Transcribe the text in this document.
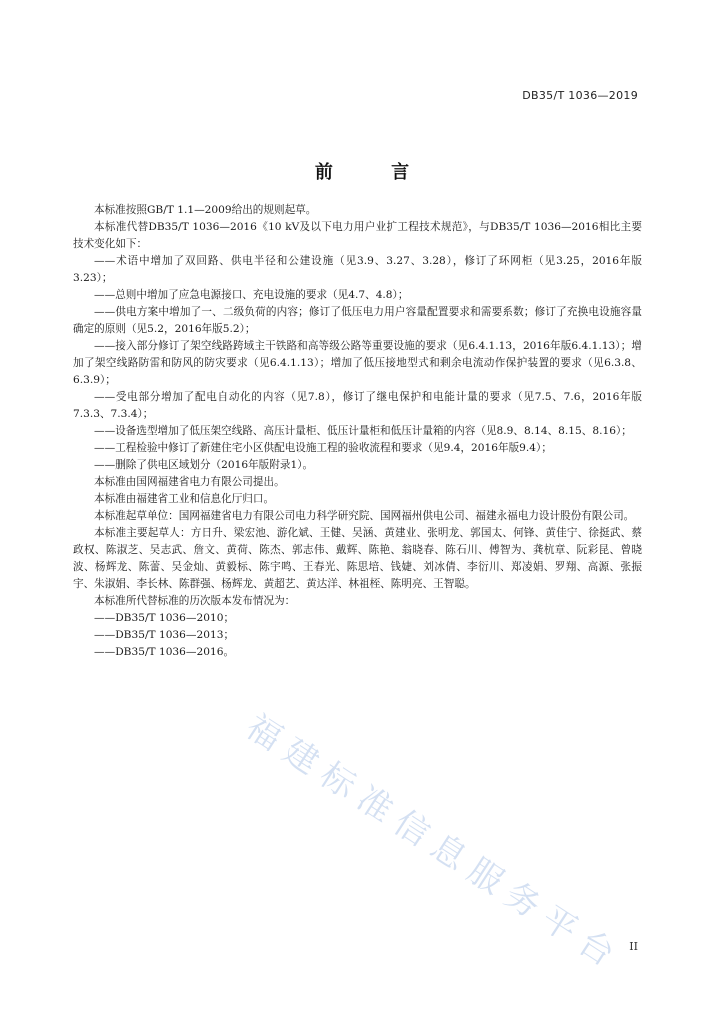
DB35/T 1036—2019
前 言

本标准按照GB/T 1.1—2009给出的规则起草。

本标准代替DB35/T 1036—2016《10 kV及以下电力用户业扩工程技术规范》，与DB35/T 1036—2016相比主要技术变化如下：

——术语中增加了双回路、供电半径和公建设施（见3.9、3.27、3.28），修订了环网柜（见3.25，2016年版3.23）；

——总则中增加了应急电源接口、充电设施的要求（见4.7、4.8）；

——供电方案中增加了一、二级负荷的内容；修订了低压电力用户容量配置要求和需要系数；修订了充换电设施容量确定的原则（见5.2，2016年版5.2）；

——接入部分修订了架空线路跨域主干铁路和高等级公路等重要设施的要求（见6.4.1.13，2016年版6.4.1.13）；增加了架空线路防雷和防风的防灾要求（见6.4.1.13）；增加了低压接地型式和剩余电流动作保护装置的要求（见6.3.8、6.3.9）；

——受电部分增加了配电自动化的内容（见7.8），修订了继电保护和电能计量的要求（见7.5、7.6，2016年版7.3.3、7.3.4）；

——设备选型增加了低压架空线路、高压计量柜、低压计量柜和低压计量箱的内容（见8.9、8.14、8.15、8.16）；

——工程检验中修订了新建住宅小区供配电设施工程的验收流程和要求（见9.4，2016年版9.4）；

——删除了供电区域划分（2016年版附录1）。

本标准由国网福建省电力有限公司提出。

本标准由福建省工业和信息化厅归口。

本标准起草单位：国网福建省电力有限公司电力科学研究院、国网福州供电公司、福建永福电力设计股份有限公司。

本标准主要起草人：方日升、梁宏池、游化斌、王健、吴涵、黄建业、张明龙、郭国太、何锋、黄佳宁、徐挺武、蔡政权、陈淑芝、吴志武、詹文、黄荷、陈杰、郭志伟、戴辉、陈艳、翁晓春、陈石川、傅智为、龚杭章、阮彩昆、曾晓波、杨辉龙、陈蕾、吴金灿、黄毅标、陈宇鸣、王春光、陈思培、钱婕、刘冰倩、李衍川、郑凌娟、罗翔、高源、张振宇、朱淑娟、李长林、陈群强、杨辉龙、黄超艺、黄达洋、林祖桎、陈明亮、王智聪。

本标准所代替标准的历次版本发布情况为：

——DB35/T 1036—2010；

——DB35/T 1036—2013；

——DB35/T 1036—2016。

福建标准信息服务平台 II
